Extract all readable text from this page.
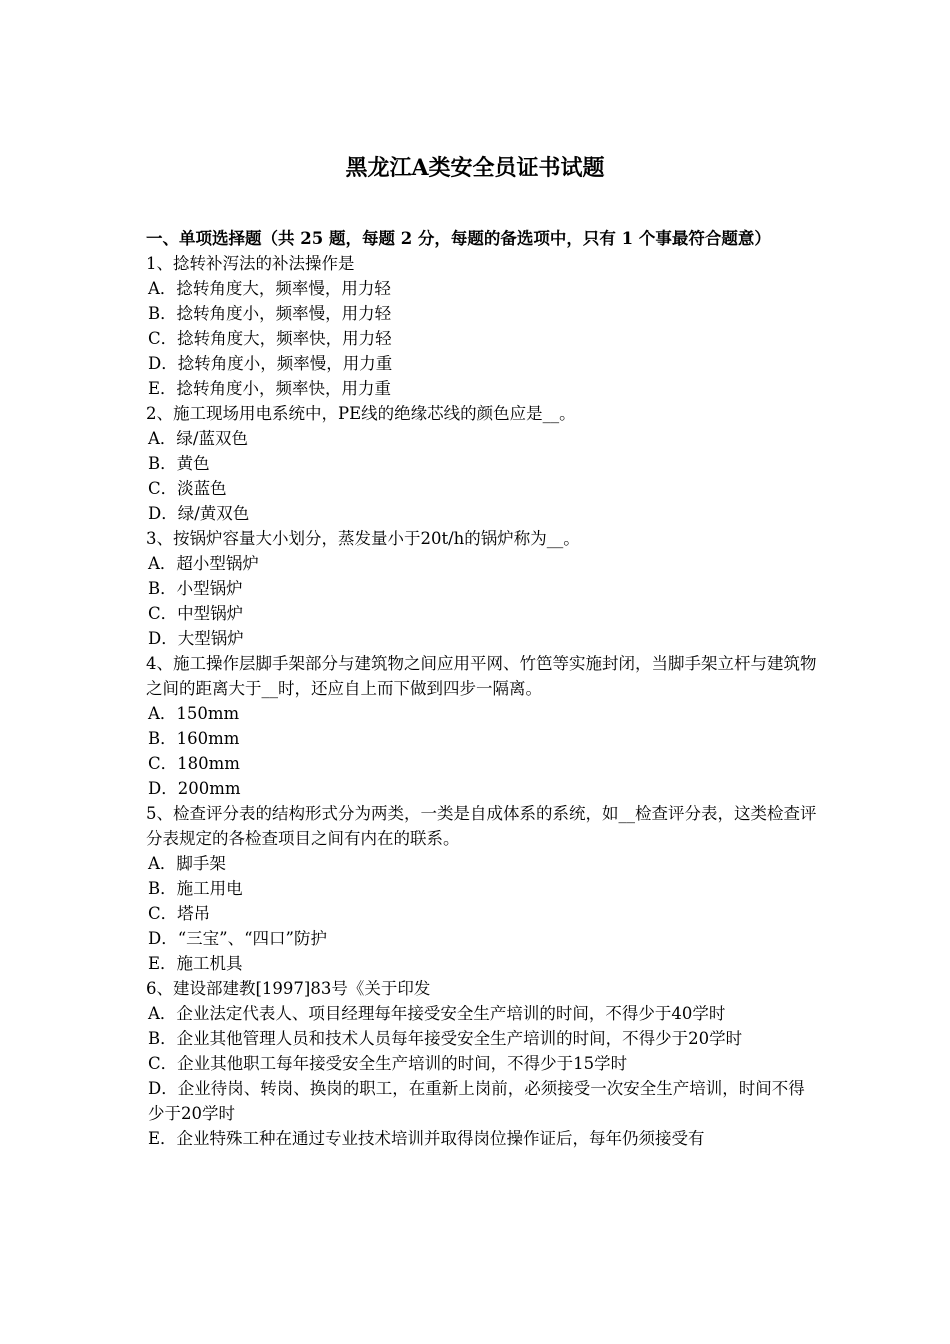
黑龙江A类安全员证书试题

一、单项选择题（共 25 题，每题 2 分，每题的备选项中，只有 1 个事最符合题意）

1、捻转补泻法的补法操作是

A．捻转角度大，频率慢，用力轻

B．捻转角度小，频率慢，用力轻

C．捻转角度大，频率快，用力轻

D．捻转角度小，频率慢，用力重

E．捻转角度小，频率快，用力重

2、施工现场用电系统中，PE线的绝缘芯线的颜色应是__。

A．绿/蓝双色

B．黄色

C．淡蓝色

D．绿/黄双色

3、按锅炉容量大小划分，蒸发量小于20t/h的锅炉称为__。

A．超小型锅炉

B．小型锅炉

C．中型锅炉

D．大型锅炉

4、施工操作层脚手架部分与建筑物之间应用平网、竹笆等实施封闭，当脚手架立杆与建筑物之间的距离大于__时，还应自上而下做到四步一隔离。

A．150mm

B．160mm

C．180mm

D．200mm

5、检查评分表的结构形式分为两类，一类是自成体系的系统，如__检查评分表，这类检查评分表规定的各检查项目之间有内在的联系。

A．脚手架

B．施工用电

C．塔吊

D．“三宝”、“四口”防护

E．施工机具

6、建设部建教[1997]83号《关于印发

A．企业法定代表人、项目经理每年接受安全生产培训的时间，不得少于40学时

B．企业其他管理人员和技术人员每年接受安全生产培训的时间，不得少于20学时

C．企业其他职工每年接受安全生产培训的时间，不得少于15学时

D．企业待岗、转岗、换岗的职工，在重新上岗前，必须接受一次安全生产培训，时间不得少于20学时

E．企业特殊工种在通过专业技术培训并取得岗位操作证后，每年仍须接受有
